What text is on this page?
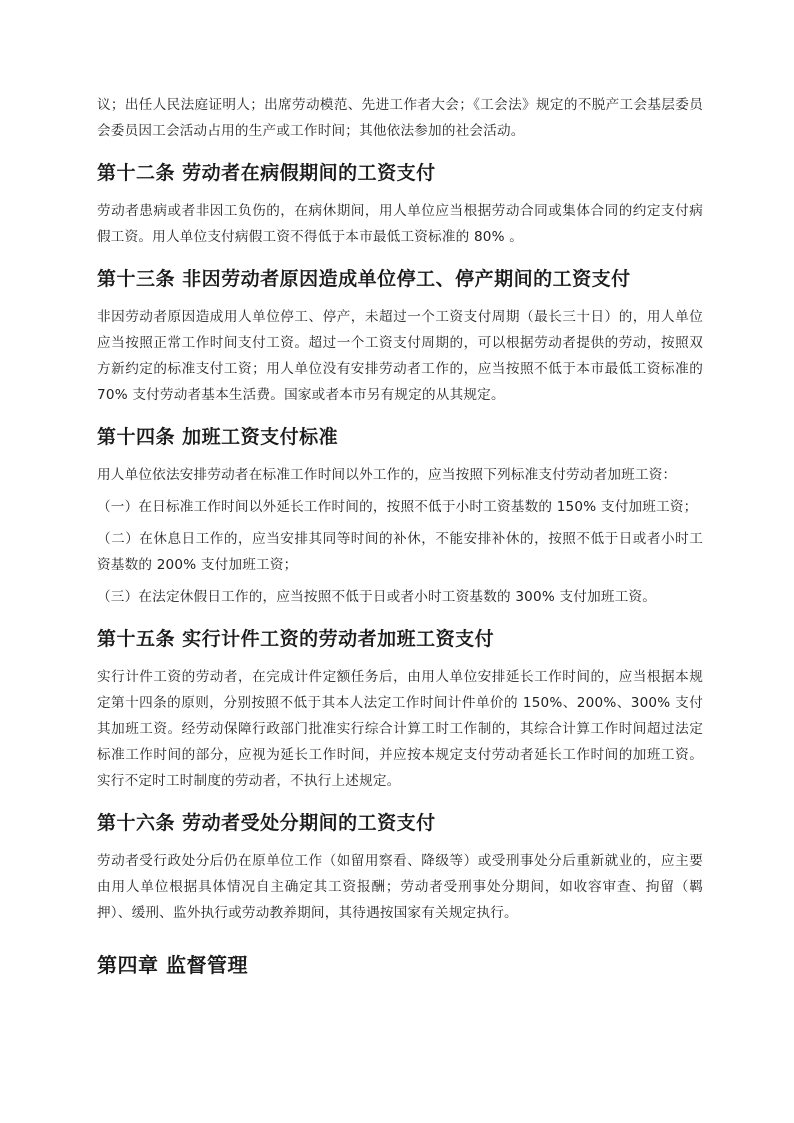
议；出任人民法庭证明人；出席劳动模范、先进工作者大会；《工会法》规定的不脱产工会基层委员会委员因工会活动占用的生产或工作时间；其他依法参加的社会活动。

第十二条 劳动者在病假期间的工资支付

劳动者患病或者非因工负伤的，在病休期间，用人单位应当根据劳动合同或集体合同的约定支付病假工资。用人单位支付病假工资不得低于本市最低工资标准的 80% 。

第十三条 非因劳动者原因造成单位停工、停产期间的工资支付

非因劳动者原因造成用人单位停工、停产，未超过一个工资支付周期（最长三十日）的，用人单位应当按照正常工作时间支付工资。超过一个工资支付周期的，可以根据劳动者提供的劳动，按照双方新约定的标准支付工资；用人单位没有安排劳动者工作的，应当按照不低于本市最低工资标准的 70% 支付劳动者基本生活费。国家或者本市另有规定的从其规定。

第十四条 加班工资支付标准

用人单位依法安排劳动者在标准工作时间以外工作的，应当按照下列标准支付劳动者加班工资：

（一）在日标准工作时间以外延长工作时间的，按照不低于小时工资基数的 150% 支付加班工资；

（二）在休息日工作的，应当安排其同等时间的补休，不能安排补休的，按照不低于日或者小时工资基数的 200% 支付加班工资；

（三）在法定休假日工作的，应当按照不低于日或者小时工资基数的 300% 支付加班工资。

第十五条 实行计件工资的劳动者加班工资支付

实行计件工资的劳动者，在完成计件定额任务后，由用人单位安排延长工作时间的，应当根据本规定第十四条的原则，分别按照不低于其本人法定工作时间计件单价的 150%、200%、300% 支付其加班工资。经劳动保障行政部门批准实行综合计算工时工作制的，其综合计算工作时间超过法定标准工作时间的部分，应视为延长工作时间，并应按本规定支付劳动者延长工作时间的加班工资。实行不定时工时制度的劳动者，不执行上述规定。

第十六条 劳动者受处分期间的工资支付

劳动者受行政处分后仍在原单位工作（如留用察看、降级等）或受刑事处分后重新就业的，应主要由用人单位根据具体情况自主确定其工资报酬；劳动者受刑事处分期间，如收容审查、拘留（羁押）、缓刑、监外执行或劳动教养期间，其待遇按国家有关规定执行。

第四章 监督管理
